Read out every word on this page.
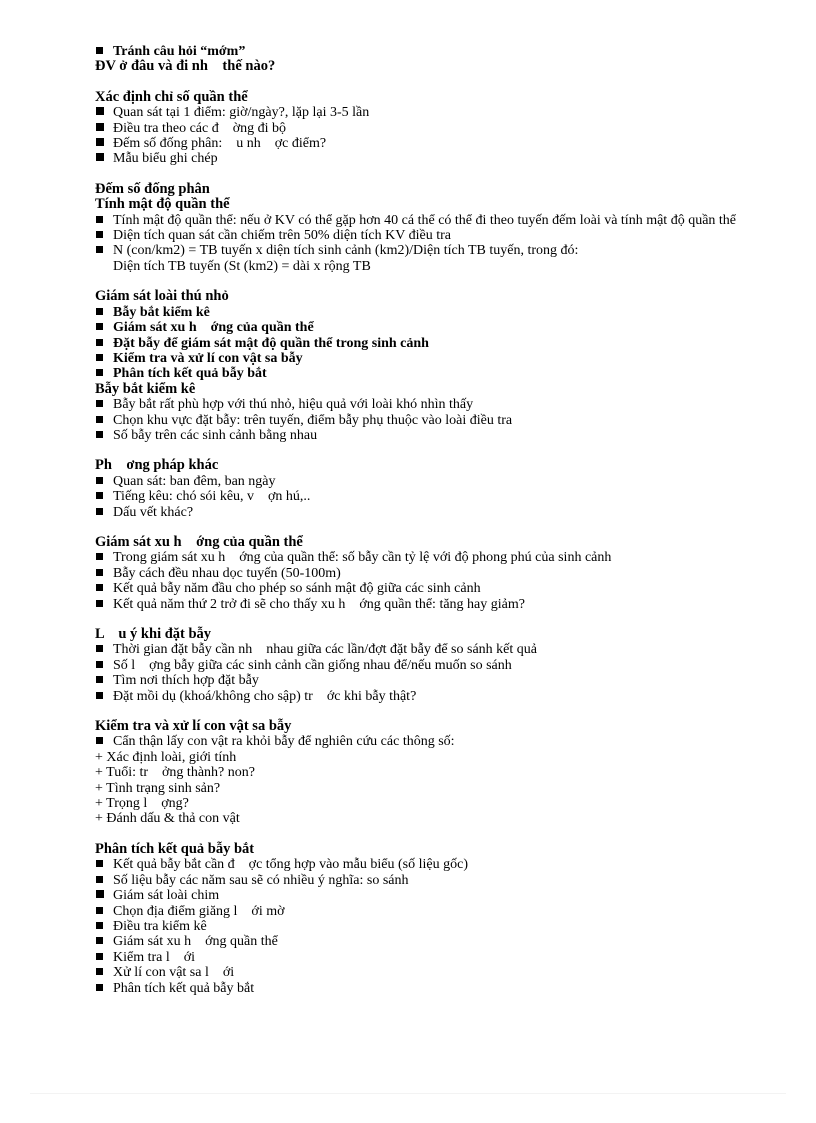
Tránh câu hỏi “mớm”
ĐV ở đâu và đi nh    thế nào?
Xác định chỉ số quần thể
Quan sát tại 1 điểm: giờ/ngày?, lặp lại 3-5 lần
Điều tra theo các đ    ờng đi bộ
Đếm số đống phân:    u nh    ợc điểm?
Mẫu biểu ghi chép
Đếm số đống phân
Tính mật độ quần thể
Tính mật độ quần thể: nếu ở KV có thể gặp hơn 40 cá thể có thể đi theo tuyến đếm loài và tính mật độ quần thể
Diện tích quan sát cần chiếm trên 50% diện tích KV điều tra
N (con/km2) = TB tuyến x diện tích sinh cảnh (km2)/Diện tích TB tuyến, trong đó:
Diện tích TB tuyến (St (km2) = dài x rộng TB
Giám sát loài thú nhỏ
Bẫy bắt kiểm kê
Giám sát xu h    ớng của quần thể
Đặt bẫy để giám sát mật độ quần thể trong sinh cảnh
Kiểm tra và xử lí con vật sa bẫy
Phân tích kết quả bẫy bắt
Bẫy bắt kiểm kê
Bẫy bắt rất phù hợp với thú nhỏ, hiệu quả với loài khó nhìn thấy
Chọn khu vực đặt bẫy: trên tuyến, điểm bẫy phụ thuộc vào loài điều tra
Số bẫy trên các sinh cảnh bằng nhau
Ph    ơng pháp khác
Quan sát: ban đêm, ban ngày
Tiếng kêu: chó sói kêu, v    ợn hú,..
Dấu vết khác?
Giám sát xu h    ớng của quần thể
Trong giám sát xu h    ớng của quần thể: số bẫy cần tỷ lệ với độ phong phú của sinh cảnh
Bẫy cách đều nhau dọc tuyến (50-100m)
Kết quả bẫy năm đầu cho phép so sánh mật độ giữa các sinh cảnh
Kết quả năm thứ 2 trở đi sẽ cho thấy xu h    ớng quần thể: tăng hay giảm?
L    u ý khi đặt bẫy
Thời gian đặt bẫy cần nh    nhau giữa các lần/đợt đặt bẫy để so sánh kết quả
Số l    ợng bẫy giữa các sinh cảnh cần giống nhau để/nếu muốn so sánh
Tìm nơi thích hợp đặt bẫy
Đặt mồi dụ (khoá/không cho sập) tr    ớc khi bẫy thật?
Kiểm tra và xử lí con vật sa bẫy
Cẩn thận lấy con vật ra khỏi bẫy để nghiên cứu các thông số:
+ Xác định loài, giới tính
+ Tuổi: tr    ởng thành? non?
+ Tình trạng sinh sản?
+ Trọng l    ợng?
+ Đánh dấu & thả con vật
Phân tích kết quả bẫy bắt
Kết quả bẫy bắt cần đ    ợc tổng hợp vào mẫu biểu (số liệu gốc)
Số liệu bẫy các năm sau sẽ có nhiều ý nghĩa: so sánh
Giám sát loài chim
Chọn địa điểm giăng l    ới mờ
Điều tra kiểm kê
Giám sát xu h    ớng quần thể
Kiểm tra l    ới
Xử lí con vật sa l    ới
Phân tích kết quả bẫy bắt
